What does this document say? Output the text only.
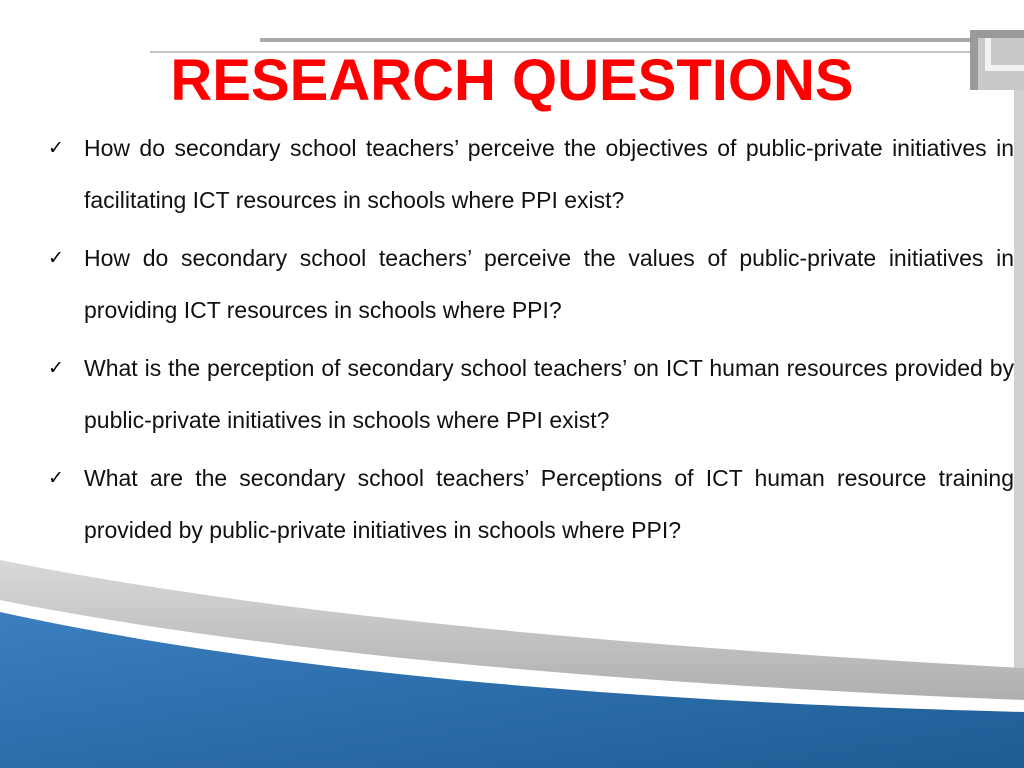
RESEARCH QUESTIONS
✓ How do secondary school teachers’ perceive the objectives of public-private initiatives in facilitating ICT resources in schools where PPI exist?
✓ How do secondary school teachers’ perceive the values of public-private initiatives in providing ICT resources in schools where PPI?
✓ What is the perception of secondary school teachers’ on ICT human resources provided by public-private initiatives in schools where PPI exist?
✓ What are the secondary school teachers’ Perceptions of ICT human resource training provided by public-private initiatives in schools where PPI?
